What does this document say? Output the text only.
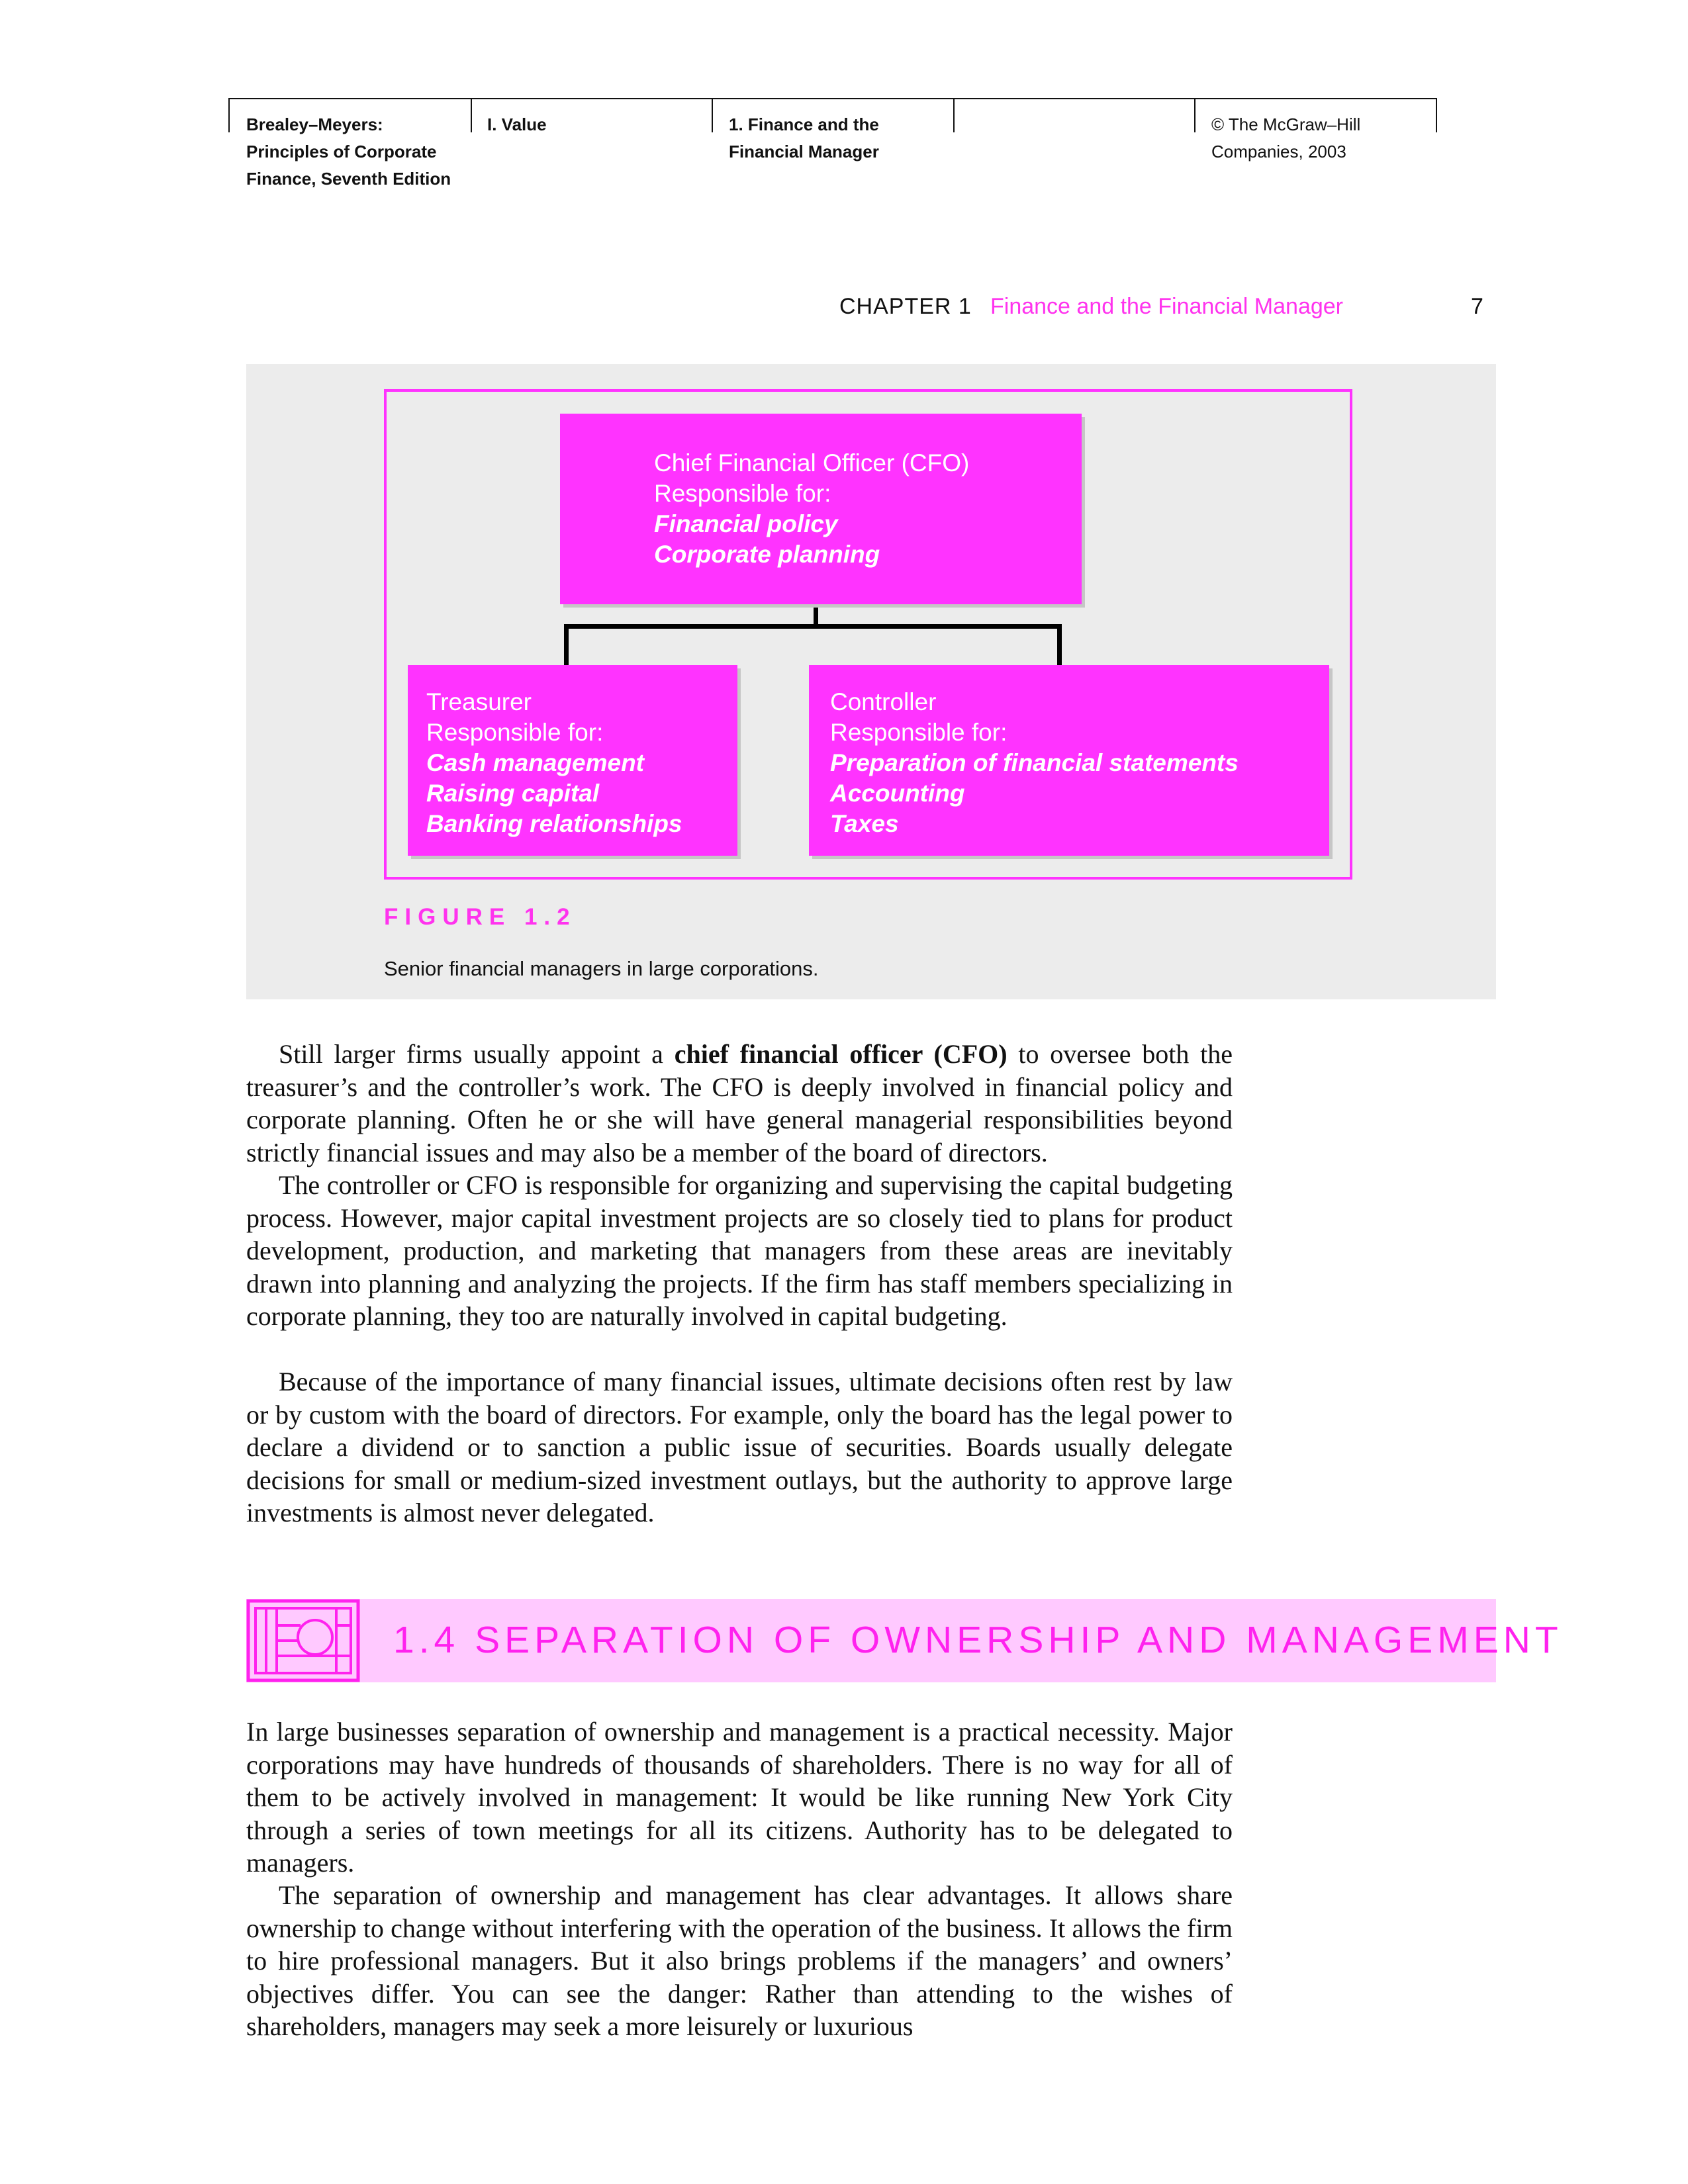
Brealey–Meyers:
Principles of Corporate
Finance, Seventh Edition
I. Value	1. Finance and the
Financial Manager
© The McGraw–Hill
Companies, 2003
CHAPTER 1 Finance and the Financial Manager	7
Chief Financial Officer (CFO)
Responsible for:
Financial policy
Corporate planning
Treasurer
Responsible for:
Cash management
Raising capital
Banking relationships
Controller
Responsible for:
Preparation of financial statements
Accounting
Taxes
FIGURE 1.2
Senior financial managers in large corporations.
Still larger firms usually appoint a chief financial officer (CFO) to oversee both the treasurer’s and the controller’s work. The CFO is deeply involved in financial policy and corporate planning. Often he or she will have general managerial responsibilities beyond strictly financial issues and may also be a member of the board of directors.
The controller or CFO is responsible for organizing and supervising the capital budgeting process. However, major capital investment projects are so closely tied to plans for product development, production, and marketing that managers from these areas are inevitably drawn into planning and analyzing the projects. If the firm has staff members specializing in corporate planning, they too are naturally involved in capital budgeting.
Because of the importance of many financial issues, ultimate decisions often rest by law or by custom with the board of directors. For example, only the board has the legal power to declare a dividend or to sanction a public issue of securities. Boards usually delegate decisions for small or medium-sized investment outlays, but the authority to approve large investments is almost never delegated.
1.4 SEPARATION OF OWNERSHIP AND MANAGEMENT
In large businesses separation of ownership and management is a practical necessity. Major corporations may have hundreds of thousands of shareholders. There is no way for all of them to be actively involved in management: It would be like running New York City through a series of town meetings for all its citizens. Authority has to be delegated to managers.
The separation of ownership and management has clear advantages. It allows share ownership to change without interfering with the operation of the business. It allows the firm to hire professional managers. But it also brings problems if the managers’ and owners’ objectives differ. You can see the danger: Rather than attending to the wishes of shareholders, managers may seek a more leisurely or luxurious
